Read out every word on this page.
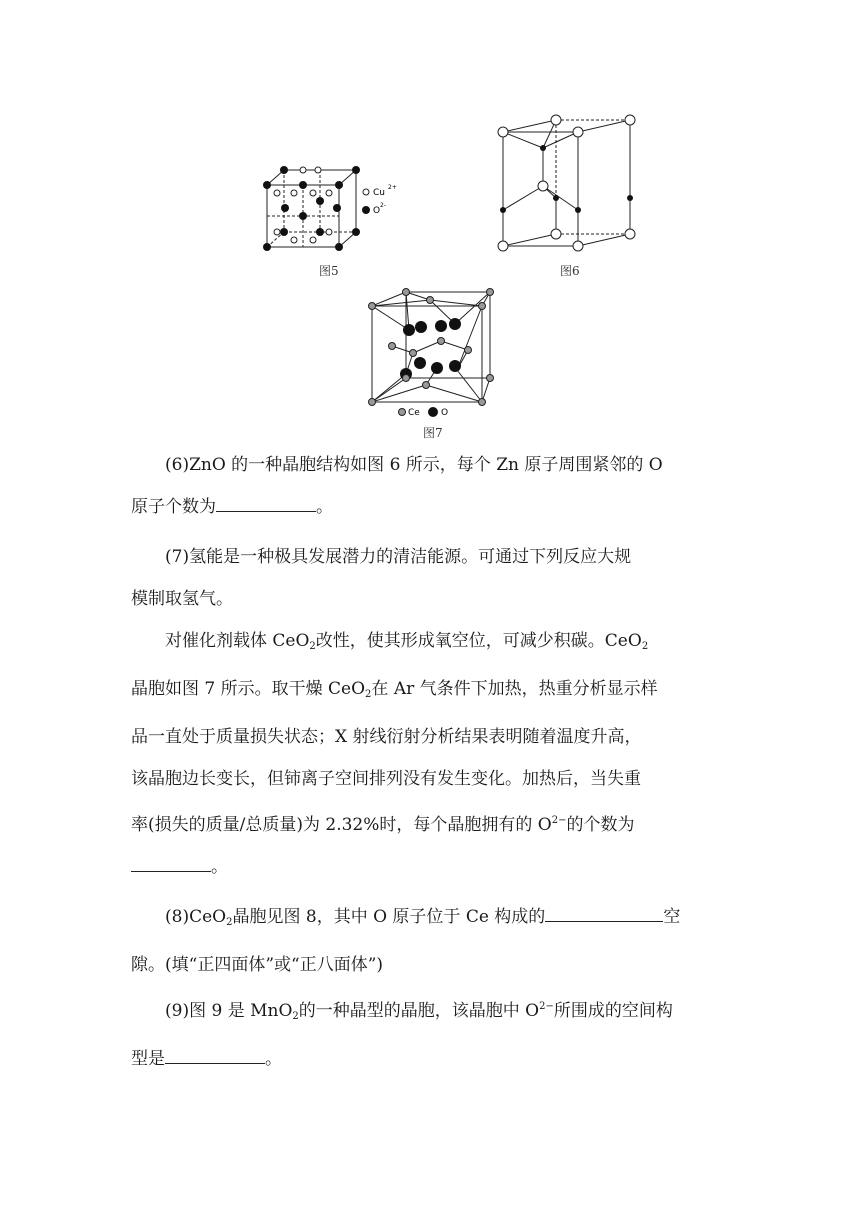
Cu
2+
O
2-
图5	图6
Ce O
图7
(6)ZnO 的一种晶胞结构如图 6 所示，每个 Zn 原子周围紧邻的 O
原子个数为	。
(7)氢能是一种极具发展潜力的清洁能源。可通过下列反应大规
模制取氢气。
对催化剂载体 CeO$_2$改性，使其形成氧空位，可减少积碳。CeO$_2$
晶胞如图 7 所示。取干燥 CeO$_2$在 Ar 气条件下加热，热重分析显示样
品一直处于质量损失状态；X 射线衍射分析结果表明随着温度升高，
该晶胞边长变长，但铈离子空间排列没有发生变化。加热后，当失重
率(损失的质量/总质量)为 2.32%时，每个晶胞拥有的 $O^{2-}$的个数为
。
(8)CeO$_2$晶胞见图 8，其中 O 原子位于 Ce 构成的	空
隙。(填“正四面体”或“正八面体”)
(9)图 9 是 MnO$_2$的一种晶型的晶胞，该晶胞中 $O^{2-}$所围成的空间构
型是	。
